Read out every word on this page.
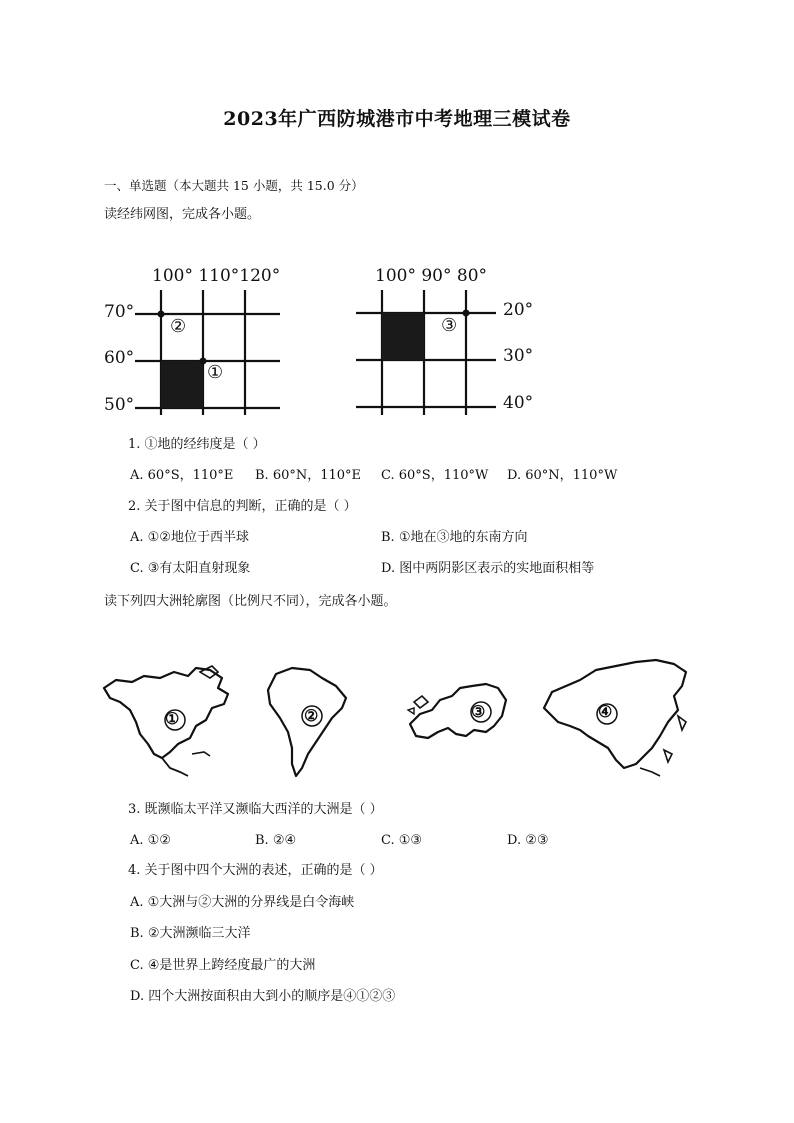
2023年广西防城港市中考地理三模试卷
一、单选题（本大题共 15 小题，共 15.0 分）
读经纬网图，完成各小题。
100° 110°120°
70°
60°
50°
②
①
100° 90° 80°
③
20°
30°
40°
1. ①地的经纬度是（ ）
A. 60°S，110°E B. 60°N，110°E C. 60°S，110°W D. 60°N，110°W
2. 关于图中信息的判断，正确的是（ ）
A. ①②地位于西半球	B. ①地在③地的东南方向
C. ③有太阳直射现象	D. 图中两阴影区表示的实地面积相等
读下列四大洲轮廓图（比例尺不同），完成各小题。
①	②	③	④
3. 既濒临太平洋又濒临大西洋的大洲是（ ）
A. ①②	B. ②④	C. ①③	D. ②③
4. 关于图中四个大洲的表述，正确的是（ ）
A. ①大洲与②大洲的分界线是白令海峡
B. ②大洲濒临三大洋
C. ④是世界上跨经度最广的大洲
D. 四个大洲按面积由大到小的顺序是④①②③
